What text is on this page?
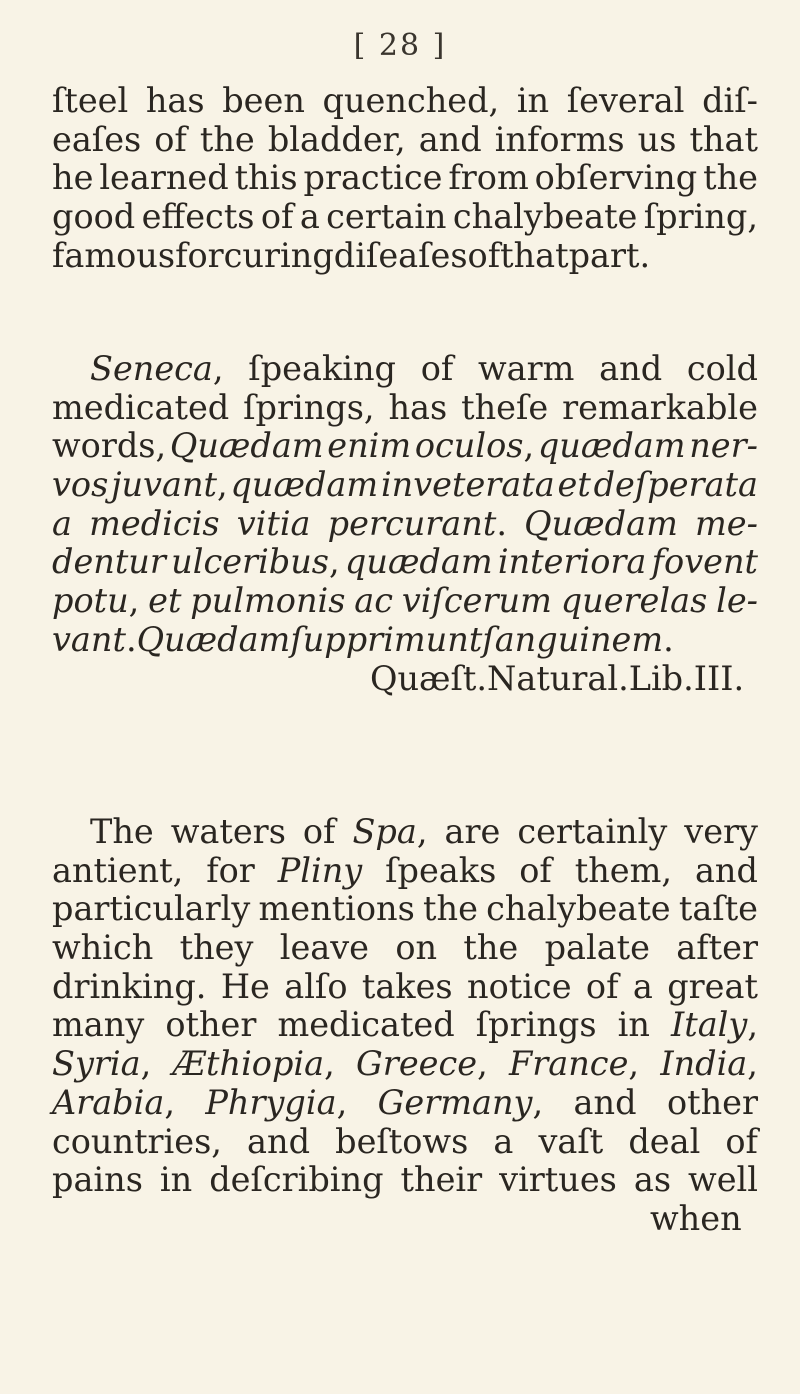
[ 28 ]
ſteel has been quenched, in ſeveral diſ-
eaſes of the bladder, and informs us that
he learned this practice from obſerving the
good effects of a certain chalybeate ſpring,
famous for curing diſeaſes of that part.
Seneca, ſpeaking of warm and cold
medicated ſprings, has theſe remarkable
words, Quædam enim oculos, quædam ner-
vos juvant, quædam inveterata et deſperata
a medicis vitia percurant. Quædam me-
dentur ulceribus, quædam interiora fovent
potu, et pulmonis ac viſcerum querelas le-
vant. Quædam ſupprimunt ſanguinem.
Quæſt. Natural. Lib. III.
The waters of Spa, are certainly very
antient, for Pliny ſpeaks of them, and
particularly mentions the chalybeate taſte
which they leave on the palate after
drinking. He alſo takes notice of a great
many other medicated ſprings in Italy,
Syria, Æthiopia, Greece, France, India,
Arabia, Phrygia, Germany, and other
countries, and beſtows a vaſt deal of
pains in deſcribing their virtues as well
when
